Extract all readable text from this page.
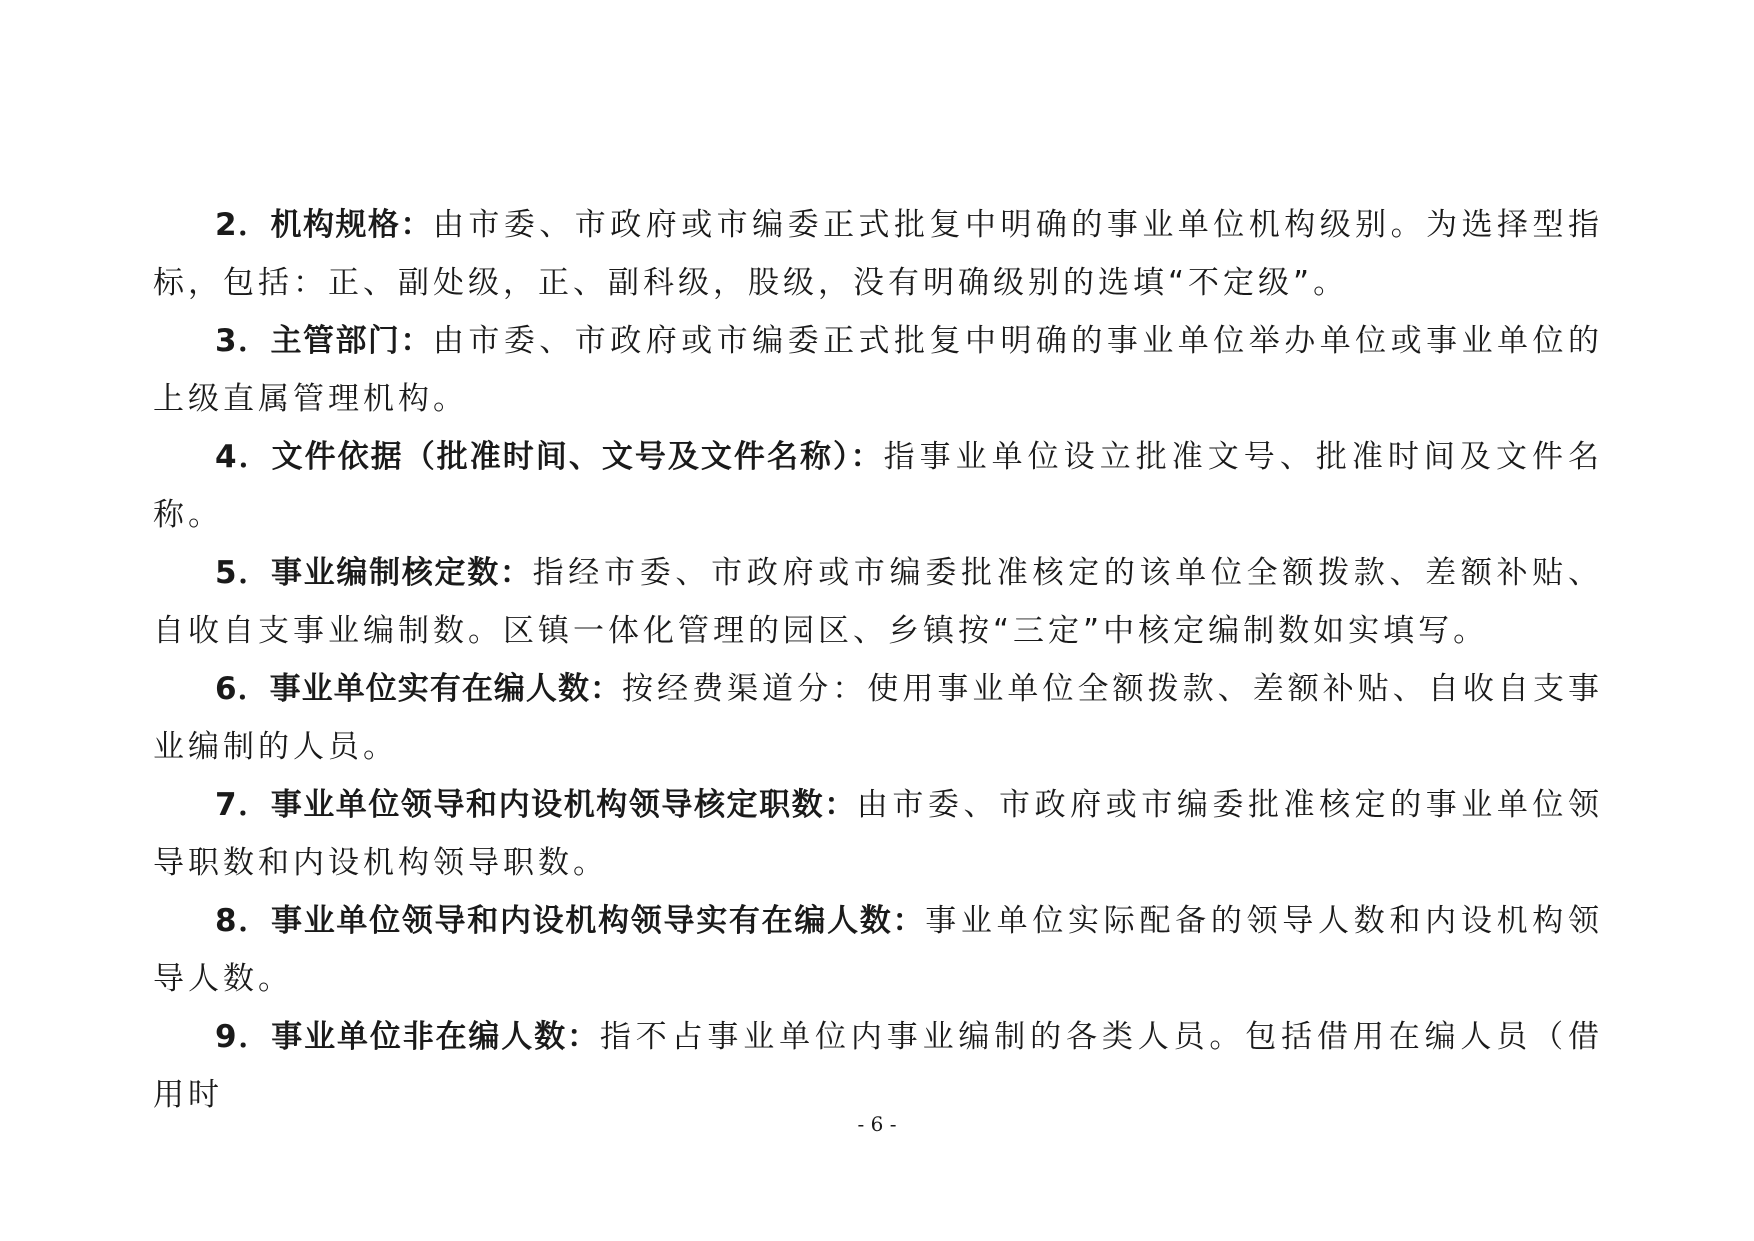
2．机构规格：由市委、市政府或市编委正式批复中明确的事业单位机构级别。为选择型指标，包括：正、副处级，正、副科级，股级，没有明确级别的选填“不定级”。

3．主管部门：由市委、市政府或市编委正式批复中明确的事业单位举办单位或事业单位的上级直属管理机构。

4．文件依据（批准时间、文号及文件名称）：指事业单位设立批准文号、批准时间及文件名称。

5．事业编制核定数：指经市委、市政府或市编委批准核定的该单位全额拨款、差额补贴、自收自支事业编制数。区镇一体化管理的园区、乡镇按“三定”中核定编制数如实填写。

6．事业单位实有在编人数：按经费渠道分：使用事业单位全额拨款、差额补贴、自收自支事业编制的人员。

7．事业单位领导和内设机构领导核定职数：由市委、市政府或市编委批准核定的事业单位领导职数和内设机构领导职数。

8．事业单位领导和内设机构领导实有在编人数：事业单位实际配备的领导人数和内设机构领导人数。

9．事业单位非在编人数：指不占事业单位内事业编制的各类人员。包括借用在编人员（借用时

- 6 -
